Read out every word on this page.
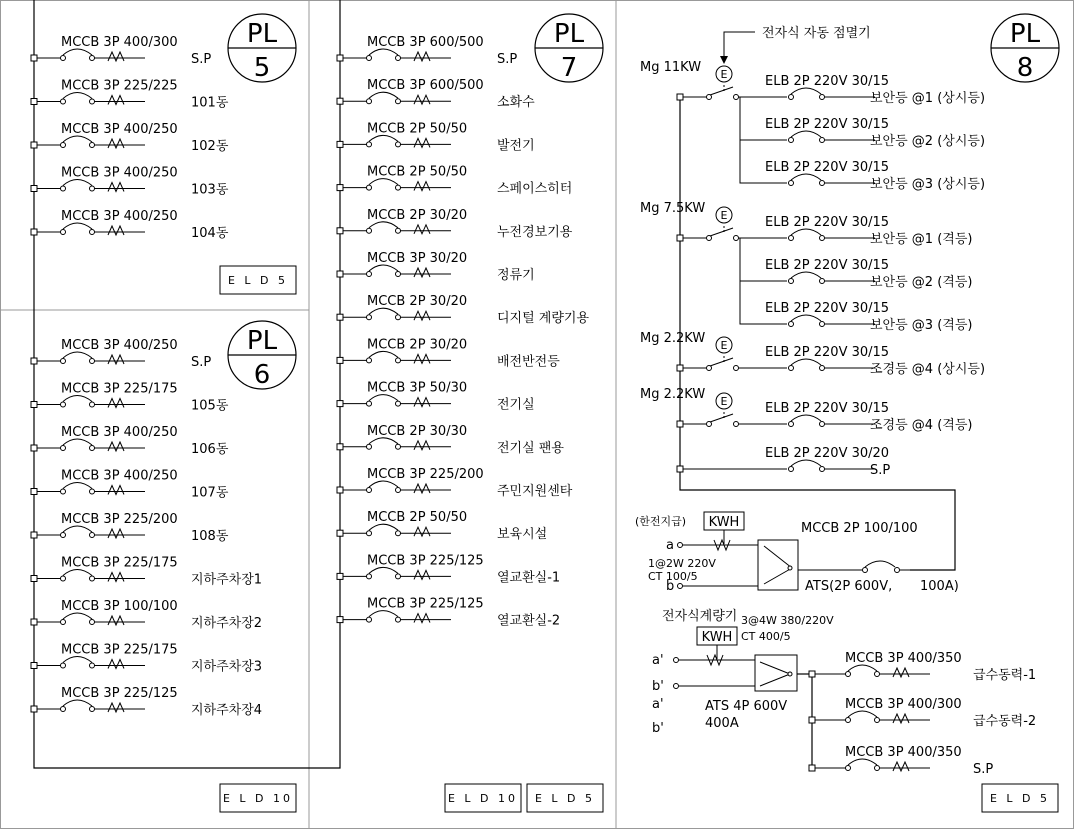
PL
5
MCCB 3P 400/300
S.P
MCCB 3P 225/225
101동
MCCB 3P 400/250
102동
MCCB 3P 400/250
103동
MCCB 3P 400/250
104동
E L D 5
PL
6
MCCB 3P 400/250
S.P
MCCB 3P 225/175
105동
MCCB 3P 400/250
106동
MCCB 3P 400/250
107동
MCCB 3P 225/200
108동
MCCB 3P 225/175
지하주차장1
MCCB 3P 100/100
지하주차장2
MCCB 3P 225/175
지하주차장3
MCCB 3P 225/125
지하주차장4
E L D 10
PL
7
MCCB 3P 600/500
S.P
MCCB 3P 600/500
소화수
MCCB 2P 50/50
발전기
MCCB 2P 50/50
스페이스히터
MCCB 2P 30/20
누전경보기용
MCCB 3P 30/20
정류기
MCCB 2P 30/20
디지털 계량기용
MCCB 2P 30/20
배전반전등
MCCB 3P 50/30
전기실
MCCB 2P 30/30
전기실 팬용
MCCB 3P 225/200
주민지원센타
MCCB 2P 50/50
보육시설
MCCB 3P 225/125
열교환실-1
MCCB 3P 225/125
열교환실-2
E L D 10 E L D 5
PL
8
전자식 자동 점멸기
E
Mg 11KW
E
Mg 7.5KW
E
Mg 2.2KW
E
Mg 2.2KW
ELB 2P 220V 30/15
보안등 @1 (상시등)
ELB 2P 220V 30/15
보안등 @2 (상시등)
ELB 2P 220V 30/15
보안등 @3 (상시등)
ELB 2P 220V 30/15
보안등 @1 (격등)
ELB 2P 220V 30/15
보안등 @2 (격등)
ELB 2P 220V 30/15
보안등 @3 (격등)
ELB 2P 220V 30/15
조경등 @4 (상시등)
ELB 2P 220V 30/15
조경등 @4 (격등)
ELB 2P 220V 30/20
S.P
(한전지급) KWH
a
1@2W 220V
CT 100/5
b
MCCB 2P 100/100
ATS(2P 600V, 100A)
전자식계량기
KWH
3@4W 380/220V
CT 400/5
a'
b'
a'
b'
ATS 4P 600V
400A
MCCB 3P 400/350
급수동력-1
MCCB 3P 400/300
급수동력-2
MCCB 3P 400/350
S.P
E L D 5
